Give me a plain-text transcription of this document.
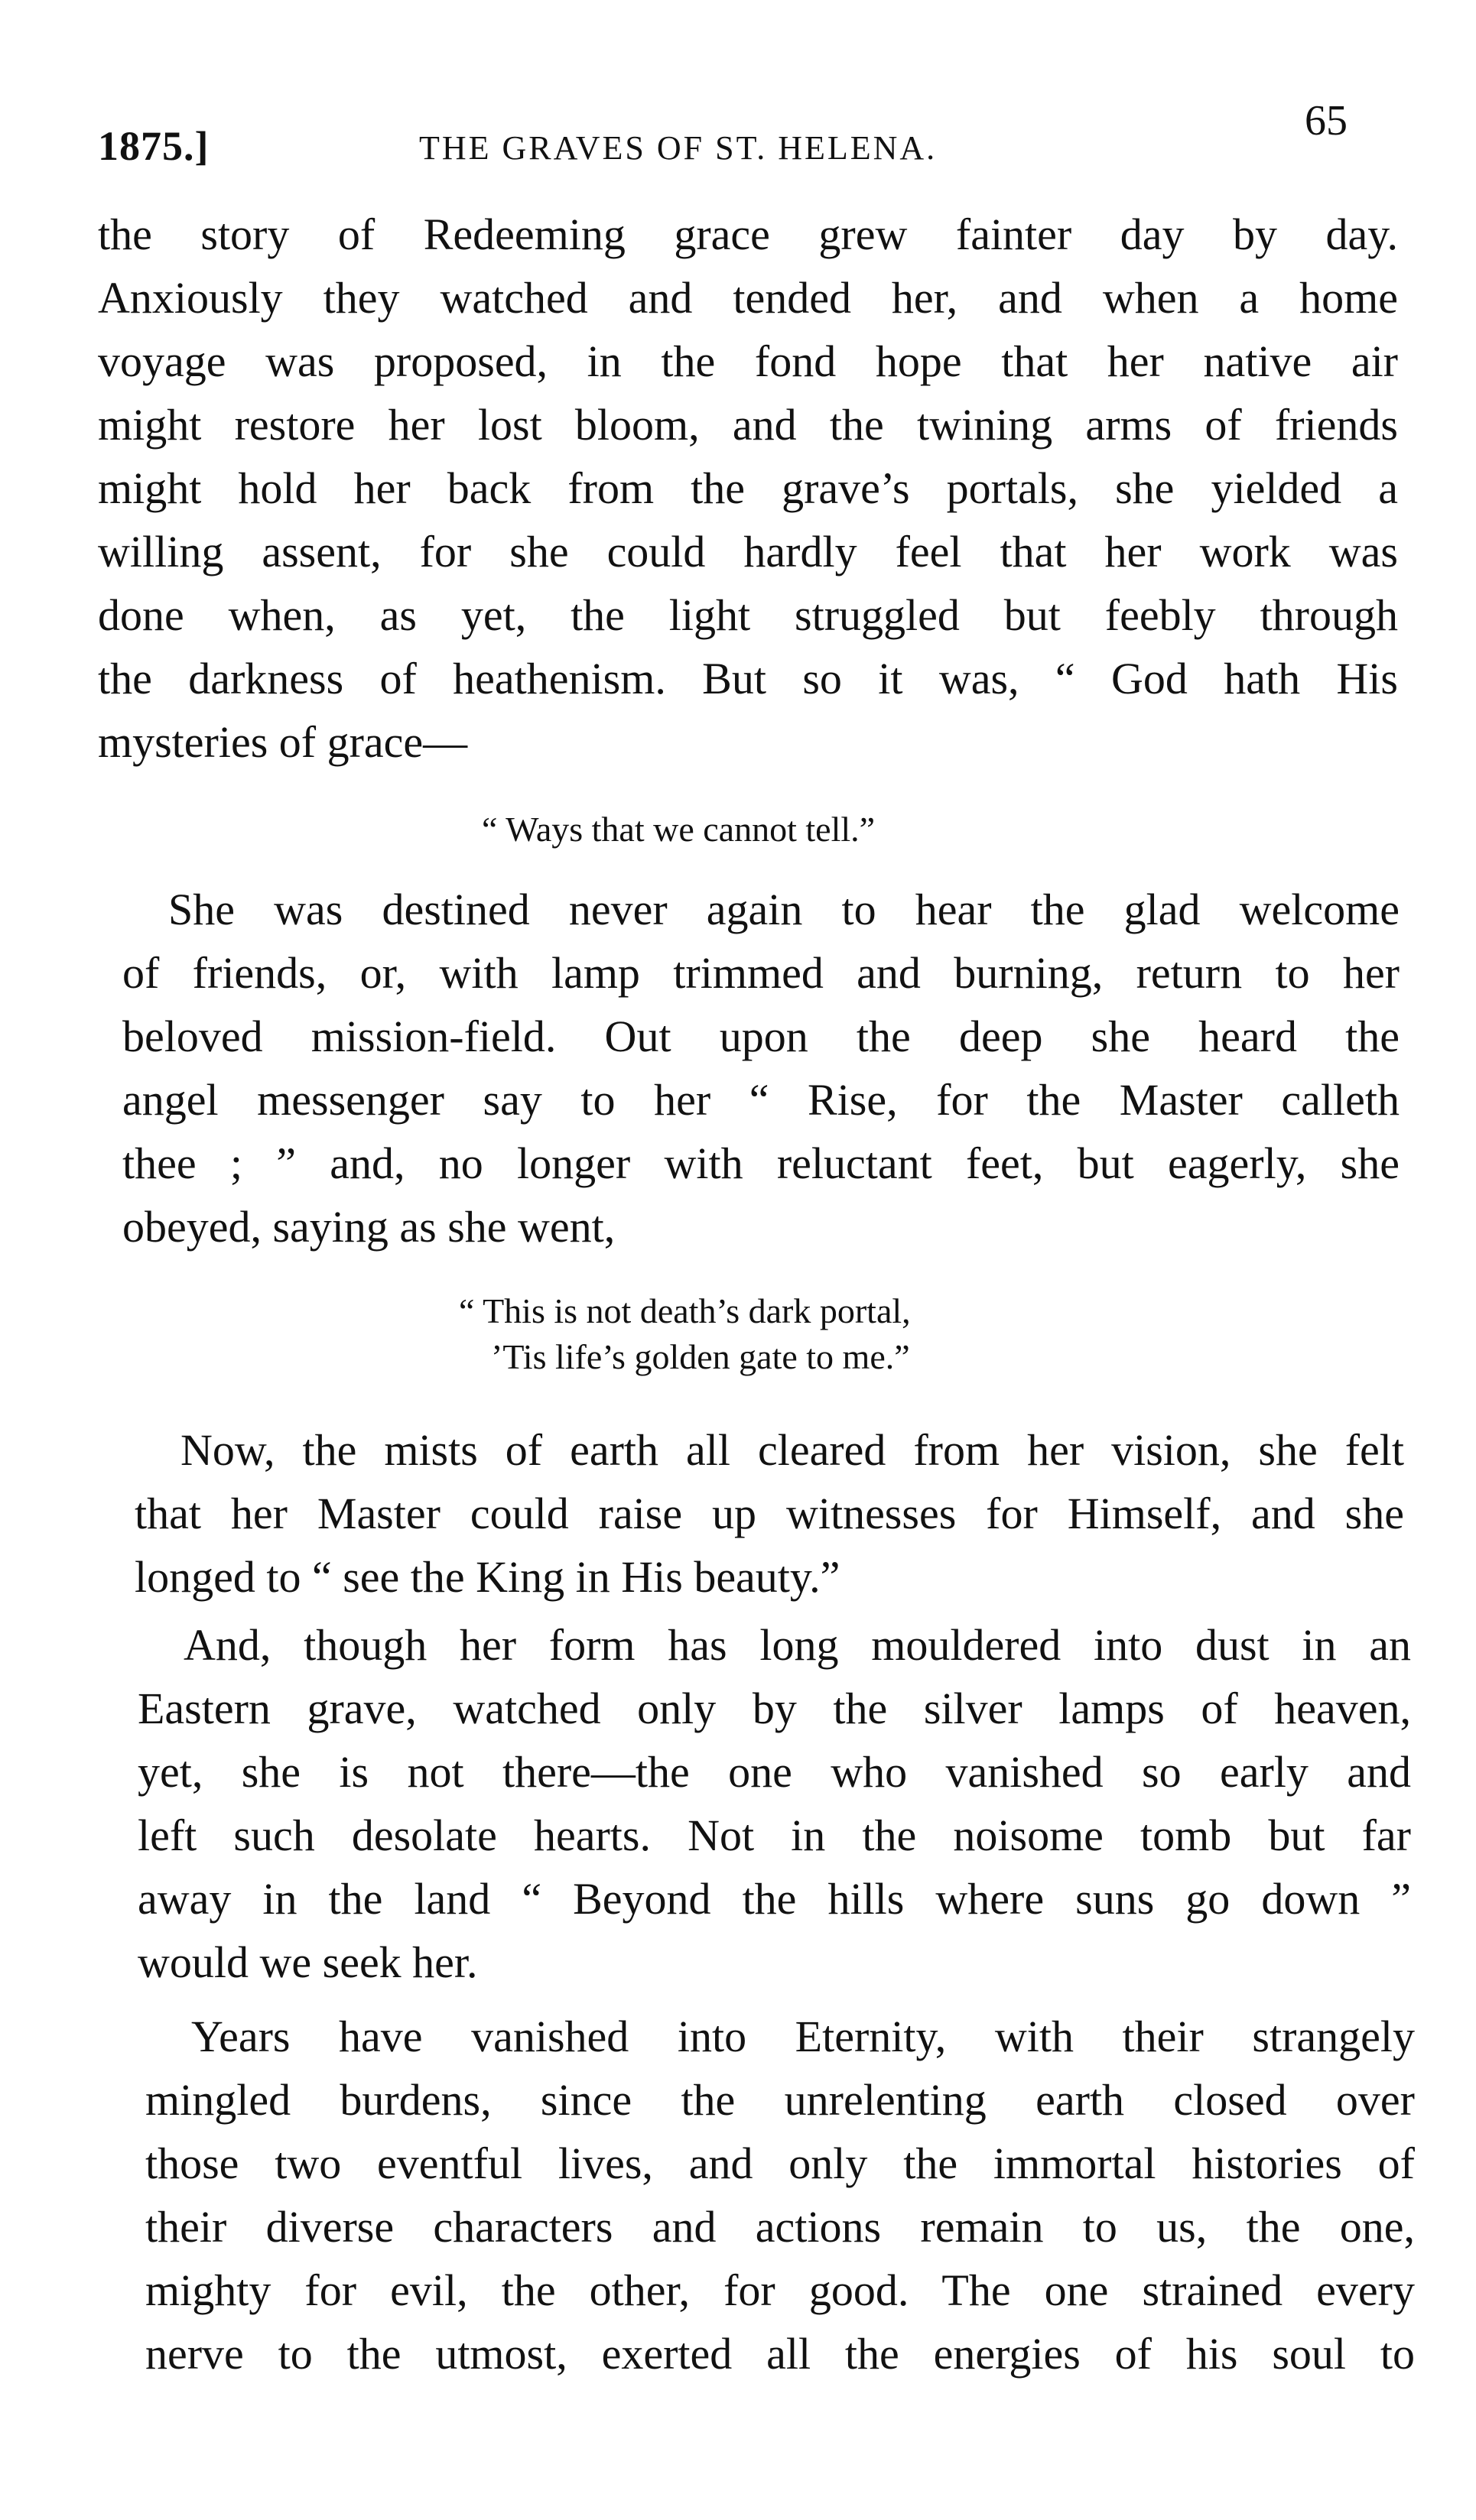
1875.]	THE GRAVES OF ST. HELENA.
65
the story of Redeeming grace grew fainter day by day.
Anxiously they watched and tended her, and when a home
voyage was proposed, in the fond hope that her native air
might restore her lost bloom, and the twining arms of friends
might hold her back from the grave’s portals, she yielded a
willing assent, for she could hardly feel that her work was
done when, as yet, the light struggled but feebly through
the darkness of heathenism. But so it was, “ God hath His
mysteries of grace—
“ Ways that we cannot tell.”
She was destined never again to hear the glad welcome
of friends, or, with lamp trimmed and burning, return to her
beloved mission-field. Out upon the deep she heard the
angel messenger say to her “ Rise, for the Master calleth
thee ; ” and, no longer with reluctant feet, but eagerly, she
obeyed, saying as she went,
“ This is not death’s dark portal,
’Tis life’s golden gate to me.”
Now, the mists of earth all cleared from her vision, she felt
that her Master could raise up witnesses for Himself, and she
longed to “ see the King in His beauty.”
And, though her form has long mouldered into dust in an
Eastern grave, watched only by the silver lamps of heaven,
yet, she is not there—the one who vanished so early and
left such desolate hearts. Not in the noisome tomb but far
away in the land “ Beyond the hills where suns go down ”
would we seek her.
Years have vanished into Eternity, with their strangely
mingled burdens, since the unrelenting earth closed over
those two eventful lives, and only the immortal histories of
their diverse characters and actions remain to us, the one,
mighty for evil, the other, for good. The one strained every
nerve to the utmost, exerted all the energies of his soul to
